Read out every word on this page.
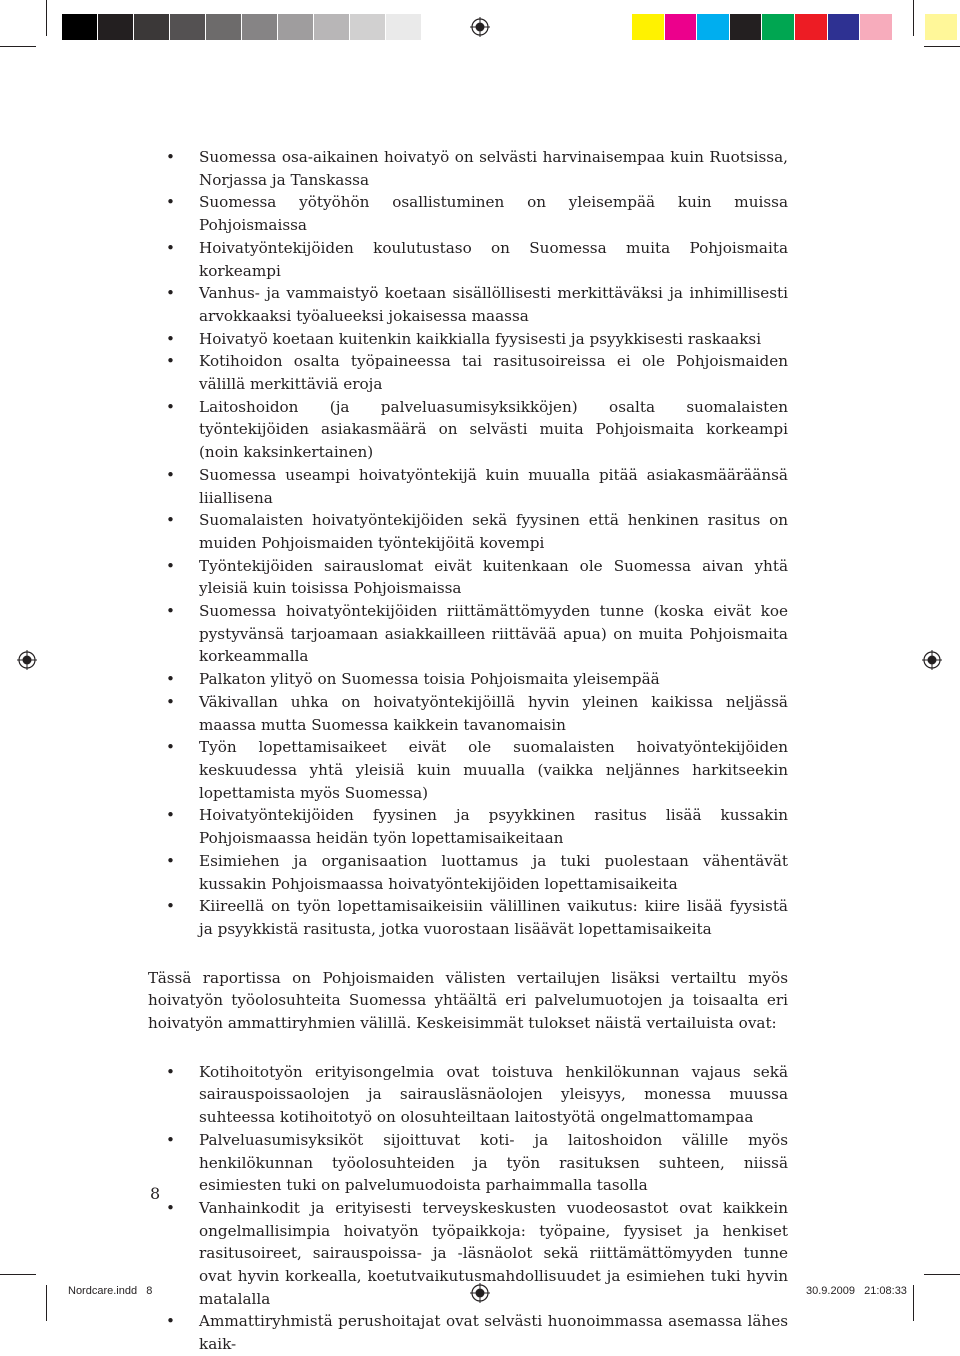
• Suomessa osa-aikainen hoivatyö on selvästi harvinaisempaa kuin Ruotsissa, Norjassa ja Tanskassa
• Suomessa yötyöhön osallistuminen on yleisempää kuin muissa Pohjoismaissa
• Hoivatyöntekijöiden koulutustaso on Suomessa muita Pohjoismaita korkeampi
• Vanhus- ja vammaistyö koetaan sisällöllisesti merkittäväksi ja inhimillisesti arvokkaaksi työalueeksi jokaisessa maassa
• Hoivatyö koetaan kuitenkin kaikkialla fyysisesti ja psyykkisesti raskaaksi
• Kotihoidon osalta työpaineessa tai rasitusoireissa ei ole Pohjoismaiden välillä merkittäviä eroja
• Laitoshoidon (ja palveluasumisyksikköjen) osalta suomalaisten työntekijöiden asiakasmäärä on selvästi muita Pohjoismaita korkeampi (noin kaksinkertainen)
• Suomessa useampi hoivatyöntekijä kuin muualla pitää asiakasmääräänsä liiallisena
• Suomalaisten hoivatyöntekijöiden sekä fyysinen että henkinen rasitus on muiden Pohjoismaiden työntekijöitä kovempi
• Työntekijöiden sairauslomat eivät kuitenkaan ole Suomessa aivan yhtä yleisiä kuin toisissa Pohjoismaissa
• Suomessa hoivatyöntekijöiden riittämättömyyden tunne (koska eivät koe pystyvänsä tarjoamaan asiakkailleen riittävää apua) on muita Pohjoismaita korkeammalla
• Palkaton ylityö on Suomessa toisia Pohjoismaita yleisempää
• Väkivallan uhka on hoivatyöntekijöillä hyvin yleinen kaikissa neljässä maassa mutta Suomessa kaikkein tavanomaisin
• Työn lopettamisaikeet eivät ole suomalaisten hoivatyöntekijöiden keskuudessa yhtä yleisiä kuin muualla (vaikka neljännes harkitseekin lopettamista myös Suomessa)
• Hoivatyöntekijöiden fyysinen ja psyykkinen rasitus lisää kussakin Pohjoismaassa heidän työn lopettamisaikeitaan
• Esimiehen ja organisaation luottamus ja tuki puolestaan vähentävät kussakin Pohjoismaassa hoivatyöntekijöiden lopettamisaikeita
• Kiireellä on työn lopettamisaikeisiin välillinen vaikutus: kiire lisää fyysistä ja psyykkistä rasitusta, jotka vuorostaan lisäävät lopettamisaikeita

Tässä raportissa on Pohjoismaiden välisten vertailujen lisäksi vertailtu myös hoivatyön työolosuhteita Suomessa yhtäältä eri palvelumuotojen ja toisaalta eri hoivatyön ammattiryhmien välillä. Keskeisimmät tulokset näistä vertailuista ovat:

• Kotihoitotyön erityisongelmia ovat toistuva henkilökunnan vajaus sekä sairauspoissaolojen ja sairausläsnäolojen yleisyys, monessa muussa suhteessa kotihoitotyö on olosuhteiltaan laitostyötä ongelmattomampaa
• Palveluasumisyksiköt sijoittuvat koti- ja laitoshoidon välille myös henkilökunnan työolosuhteiden ja työn rasituksen suhteen, niissä esimiesten tuki on palvelumuodoista parhaimmalla tasolla
• Vanhainkodit ja erityisesti terveyskeskusten vuodeosastot ovat kaikkein ongelmallisimpia hoivatyön työpaikkoja: työpaine, fyysiset ja henkiset rasitusoireet, sairauspoissa- ja -läsnäolot sekä riittämättömyyden tunne ovat hyvin korkealla, koetutvaikutusmahdollisuudet ja esimiehen tuki hyvin matalalla
• Ammattiryhmistä perushoitajat ovat selvästi huonoimmassa asemassa lähes kaik-
8
Nordcare.indd   8	30.9.2009   21:08:33
